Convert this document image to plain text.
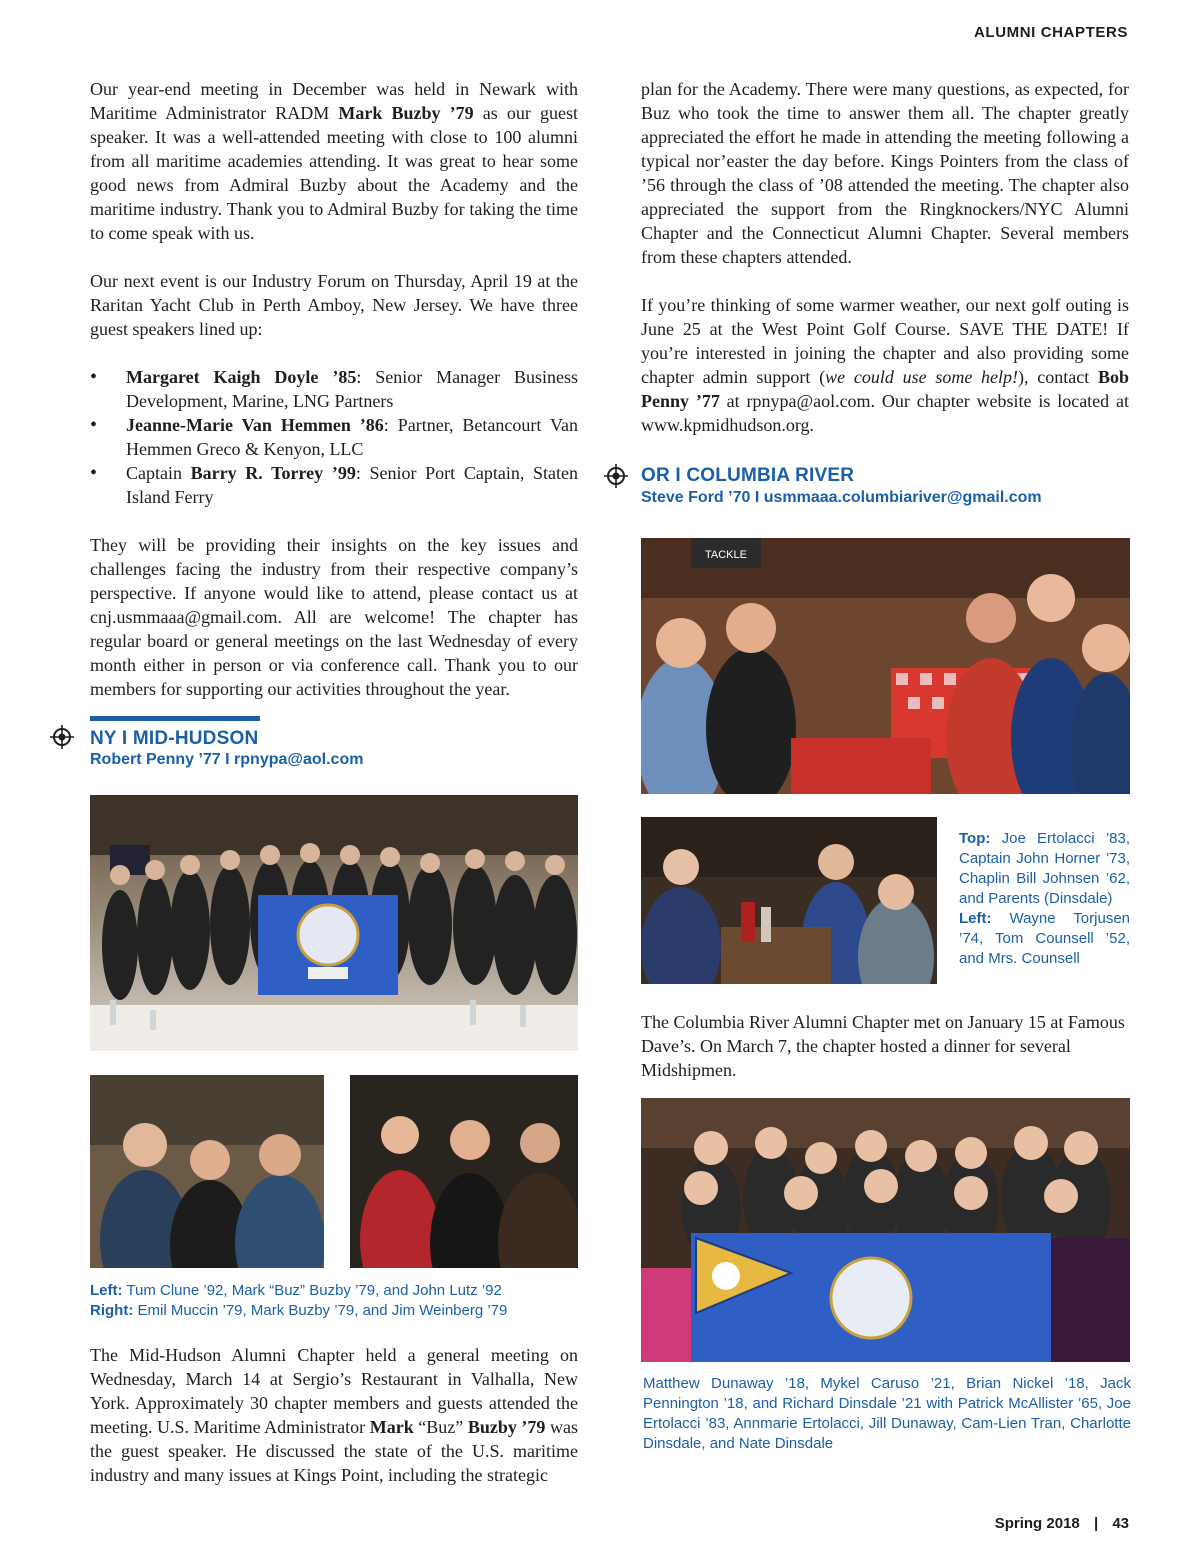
ALUMNI CHAPTERS

Our year-end meeting in December was held in Newark with Maritime Administrator RADM Mark Buzby ’79 as our guest speaker. It was a well-attended meeting with close to 100 alumni from all maritime academies attending. It was great to hear some good news from Admiral Buzby about the Academy and the maritime industry. Thank you to Admiral Buzby for taking the time to come speak with us.

Our next event is our Industry Forum on Thursday, April 19 at the Raritan Yacht Club in Perth Amboy, New Jersey. We have three guest speakers lined up:

• Margaret Kaigh Doyle ’85: Senior Manager Business Development, Marine, LNG Partners
• Jeanne-Marie Van Hemmen ’86: Partner, Betancourt Van Hemmen Greco & Kenyon, LLC
• Captain Barry R. Torrey ’99: Senior Port Captain, Staten Island Ferry

They will be providing their insights on the key issues and challenges facing the industry from their respective company’s perspective. If anyone would like to attend, please contact us at cnj.usmmaaa@gmail.com. All are welcome! The chapter has regular board or general meetings on the last Wednesday of every month either in person or via conference call. Thank you to our members for supporting our activities throughout the year.

NY I MID-HUDSON
Robert Penny ’77 I rpnypa@aol.com
Left: Tum Clune ’92, Mark “Buz” Buzby ’79, and John Lutz ’92
Right: Emil Muccin ’79, Mark Buzby ’79, and Jim Weinberg ’79

The Mid-Hudson Alumni Chapter held a general meeting on Wednesday, March 14 at Sergio’s Restaurant in Valhalla, New York. Approximately 30 chapter members and guests attended the meeting. U.S. Maritime Administrator Mark “Buz” Buzby ’79 was the guest speaker. He discussed the state of the U.S. maritime industry and many issues at Kings Point, including the strategic

plan for the Academy. There were many questions, as expected, for Buz who took the time to answer them all. The chapter greatly appreciated the effort he made in attending the meeting following a typical nor’easter the day before. Kings Pointers from the class of ’56 through the class of ’08 attended the meeting. The chapter also appreciated the support from the Ringknockers/NYC Alumni Chapter and the Connecticut Alumni Chapter. Several members from these chapters attended.

If you’re thinking of some warmer weather, our next golf outing is June 25 at the West Point Golf Course. SAVE THE DATE! If you’re interested in joining the chapter and also providing some chapter admin support (we could use some help!), contact Bob Penny ’77 at rpnypa@aol.com. Our chapter website is located at www.kpmidhudson.org.

OR I COLUMBIA RIVER
Steve Ford ’70 I usmmaaa.columbiariver@gmail.com
TACKLE
Top: Joe Ertolacci ’83, Captain John Horner ’73, Chaplin Bill Johnsen ’62, and Parents (Dinsdale)
Left: Wayne Torjusen ’74, Tom Counsell ’52, and Mrs. Counsell

The Columbia River Alumni Chapter met on January 15 at Famous Dave’s. On March 7, the chapter hosted a dinner for several Midshipmen.

Matthew Dunaway ’18, Mykel Caruso ’21, Brian Nickel ’18, Jack Pennington ’18, and Richard Dinsdale ’21 with Patrick McAllister ’65, Joe Ertolacci ’83, Annmarie Ertolacci, Jill Dunaway, Cam-Lien Tran, Charlotte Dinsdale, and Nate Dinsdale
Spring 2018 | 43
